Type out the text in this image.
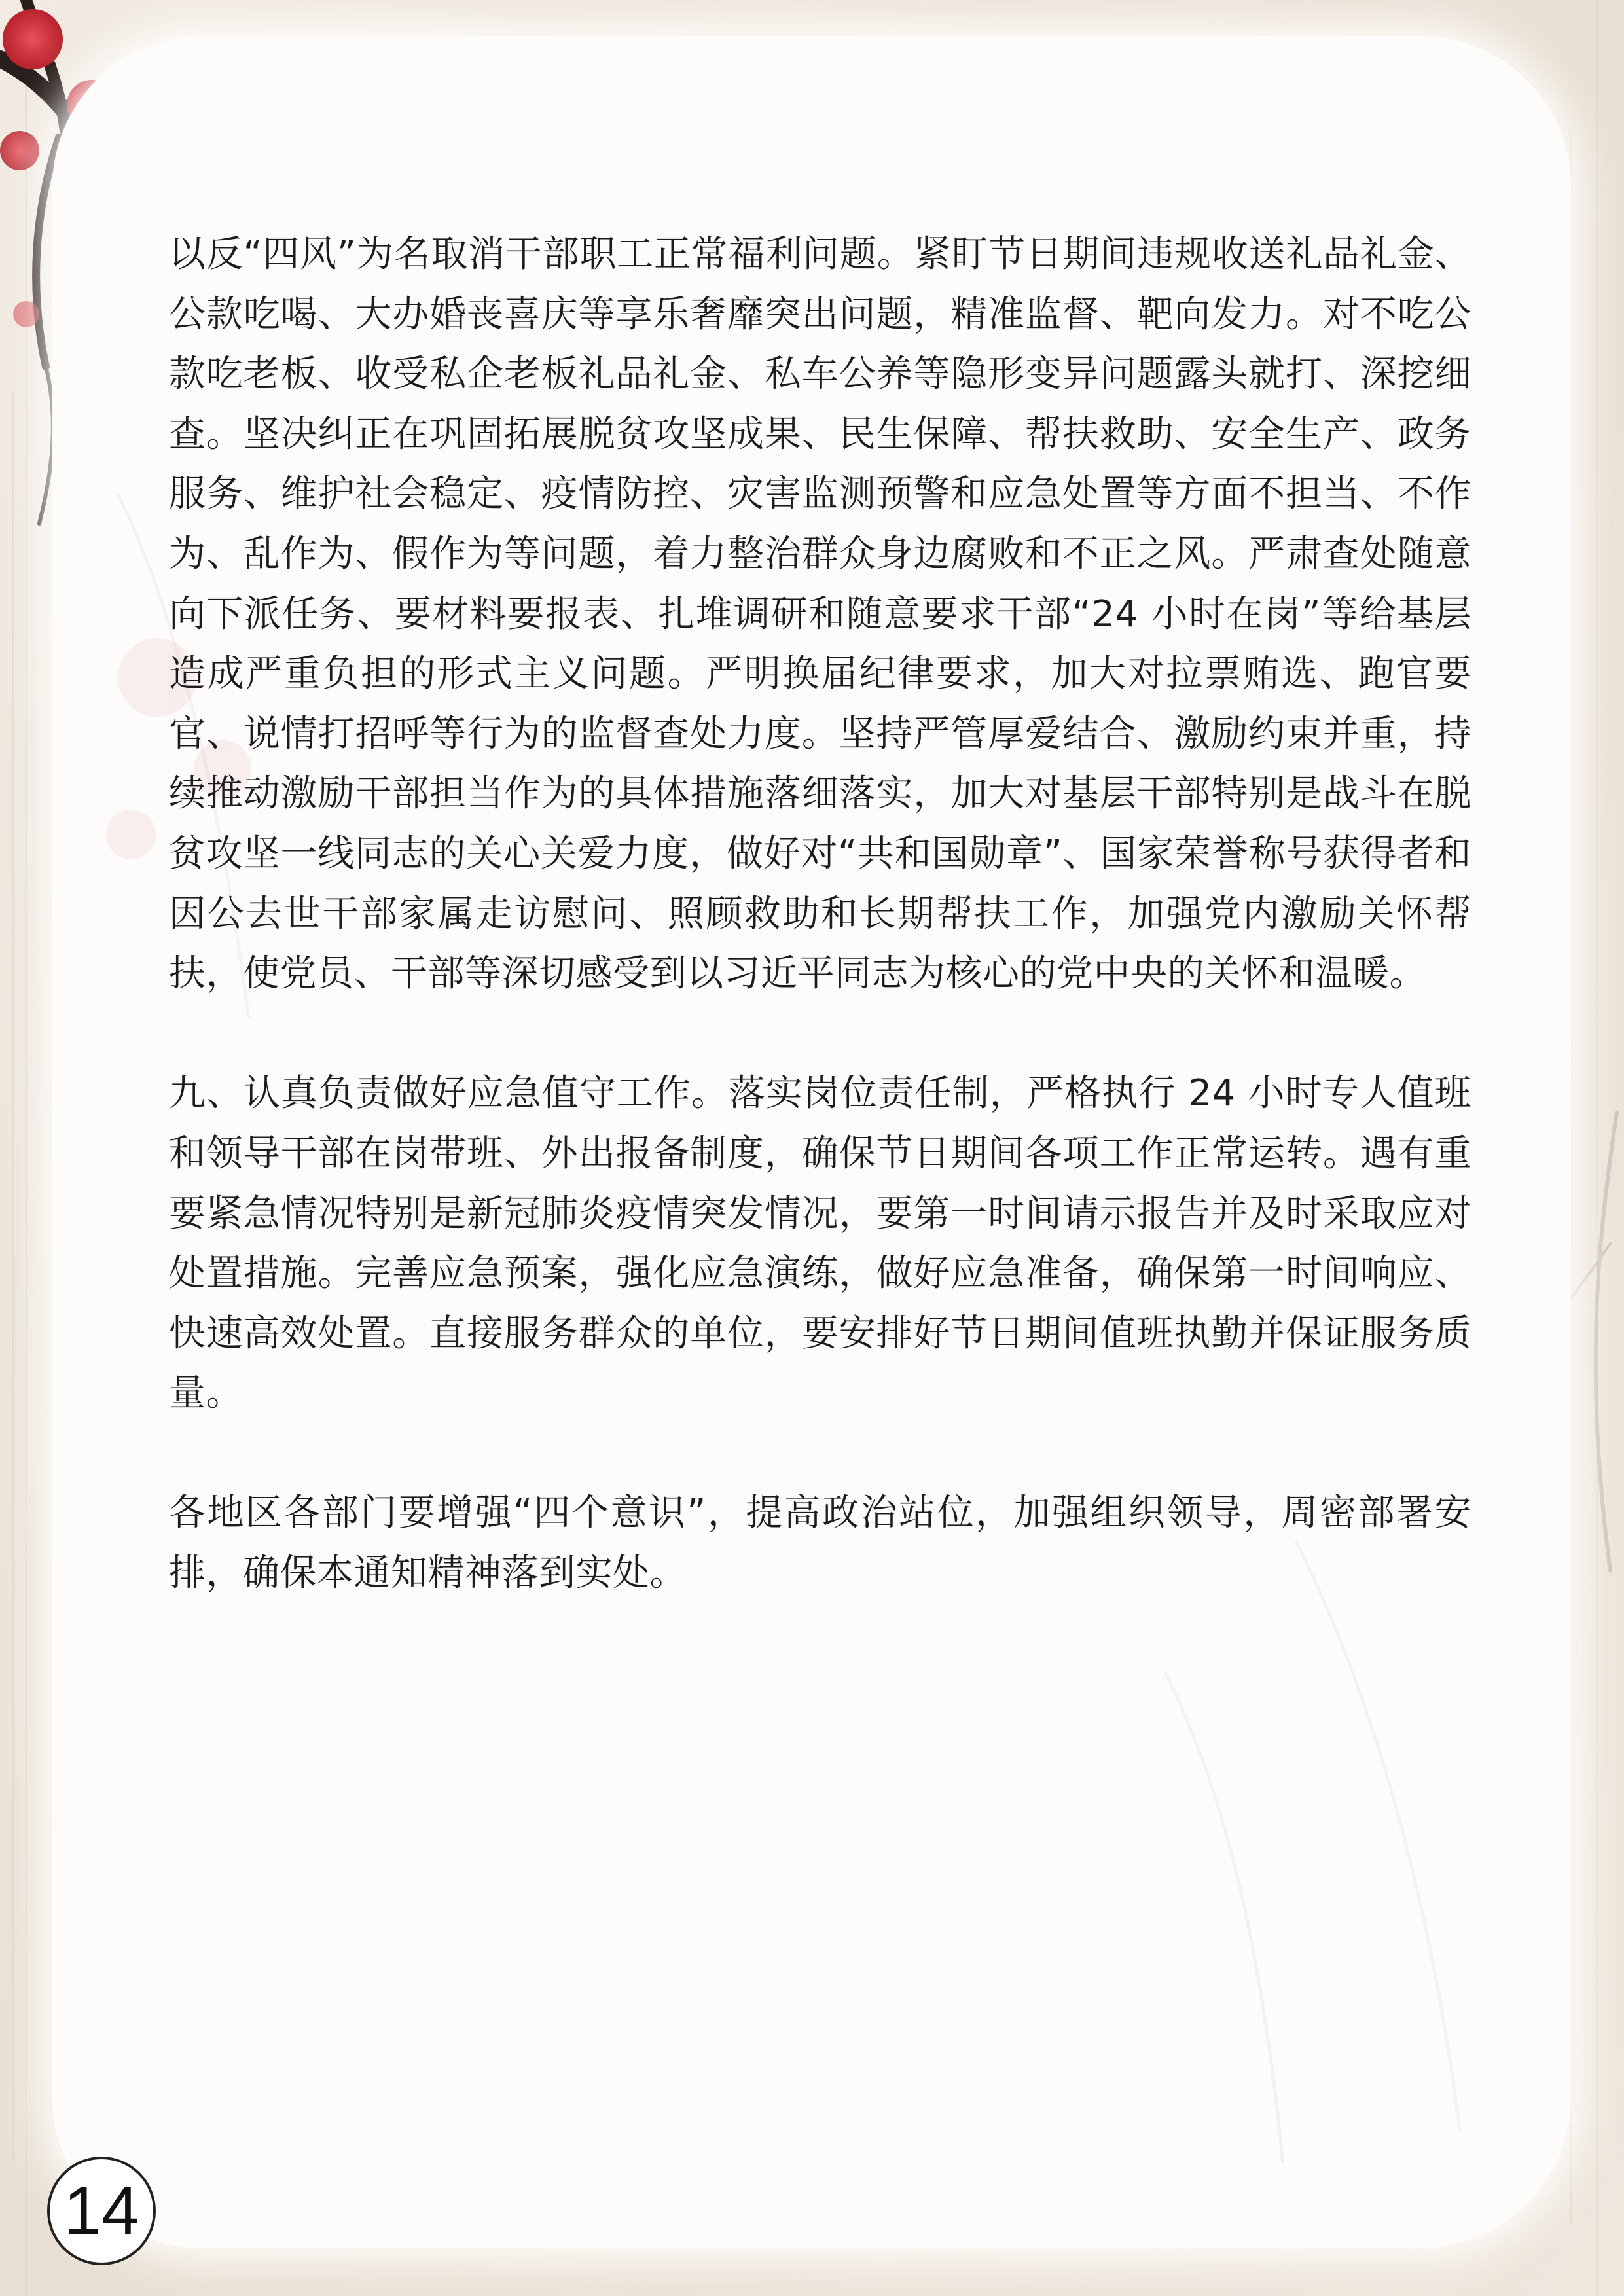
以反“四风”为名取消干部职工正常福利问题。紧盯节日期间违规收送礼品礼金、公款吃喝、大办婚丧喜庆等享乐奢靡突出问题，精准监督、靶向发力。对不吃公款吃老板、收受私企老板礼品礼金、私车公养等隐形变异问题露头就打、深挖细查。坚决纠正在巩固拓展脱贫攻坚成果、民生保障、帮扶救助、安全生产、政务服务、维护社会稳定、疫情防控、灾害监测预警和应急处置等方面不担当、不作为、乱作为、假作为等问题，着力整治群众身边腐败和不正之风。严肃查处随意向下派任务、要材料要报表、扎堆调研和随意要求干部“24 小时在岗”等给基层造成严重负担的形式主义问题。严明换届纪律要求，加大对拉票贿选、跑官要官、说情打招呼等行为的监督查处力度。坚持严管厚爱结合、激励约束并重，持续推动激励干部担当作为的具体措施落细落实，加大对基层干部特别是战斗在脱贫攻坚一线同志的关心关爱力度，做好对“共和国勋章”、国家荣誉称号获得者和因公去世干部家属走访慰问、照顾救助和长期帮扶工作，加强党内激励关怀帮扶，使党员、干部等深切感受到以习近平同志为核心的党中央的关怀和温暖。

九、认真负责做好应急值守工作。落实岗位责任制，严格执行 24 小时专人值班和领导干部在岗带班、外出报备制度，确保节日期间各项工作正常运转。遇有重要紧急情况特别是新冠肺炎疫情突发情况，要第一时间请示报告并及时采取应对处置措施。完善应急预案，强化应急演练，做好应急准备，确保第一时间响应、快速高效处置。直接服务群众的单位，要安排好节日期间值班执勤并保证服务质量。

各地区各部门要增强“四个意识”，提高政治站位，加强组织领导，周密部署安排，确保本通知精神落到实处。

14
